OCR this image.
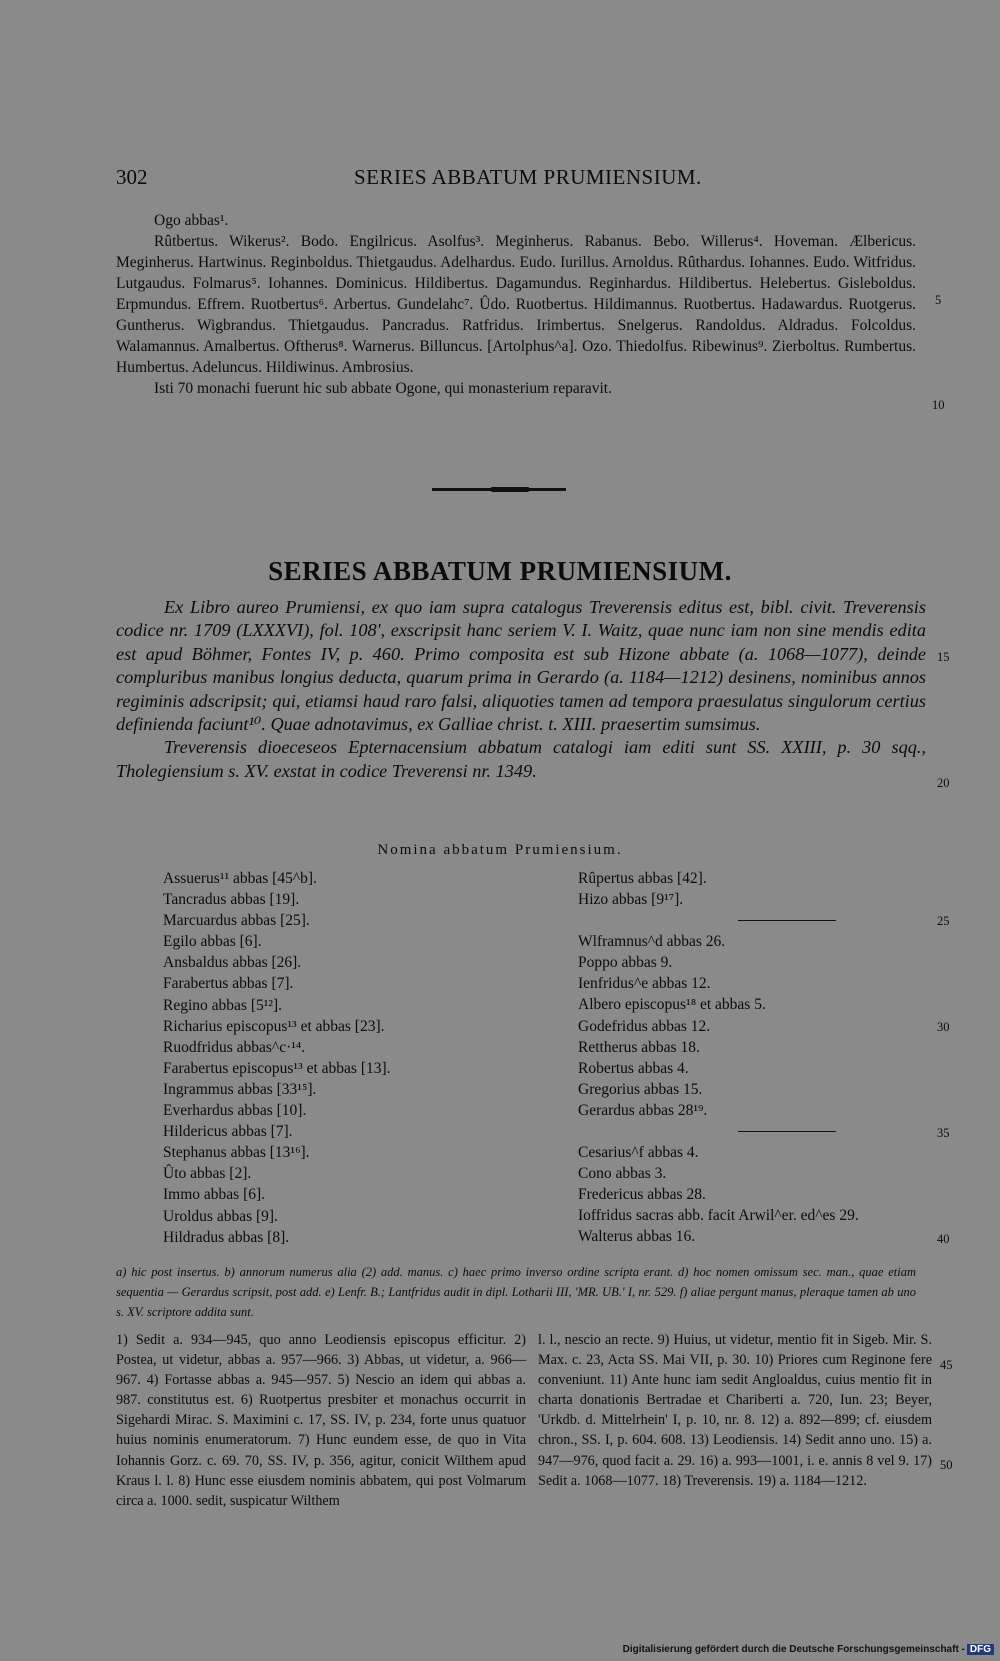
302	SERIES ABBATUM PRUMIENSIUM.

Ogo abbas¹.

Rûtbertus. Wikerus². Bodo. Engilricus. Asolfus³. Meginherus. Rabanus. Bebo. Willerus⁴. Hoveman. Ælbericus. Meginherus. Hartwinus. Reginboldus. Thietgaudus. Adelhardus. Eudo. Iurillus. Arnoldus. Rûthardus. Iohannes. Eudo. Witfridus. Lutgaudus. Folmarus⁵. Iohannes. Dominicus. Hildibertus. Dagamundus. Reginhardus. Hildibertus. Helebertus. Gisleboldus. Erpmundus. Effrem. Ruotbertus⁶. Arbertus. Gundelahc⁷. Ûdo. Ruotbertus. Hildimannus. Ruotbertus. Hadawardus. Ruotgerus. Guntherus. Wigbrandus. Thietgaudus. Pancradus. Ratfridus. Irimbertus. Snelgerus. Randoldus. Aldradus. Folcoldus. Walamannus. Amalbertus. Oftherus⁸. Warnerus. Billuncus. [Artolphus^a]. Ozo. Thiedolfus. Ribewinus⁹. Zierboltus. Rumbertus. Humbertus. Adeluncus. Hildiwinus. Ambrosius.

Isti 70 monachi fuerunt hic sub abbate Ogone, qui monasterium reparavit.

5
10
SERIES ABBATUM PRUMIENSIUM.

Ex Libro aureo Prumiensi, ex quo iam supra catalogus Treverensis editus est, bibl. civit. Treverensis codice nr. 1709 (LXXXVI), fol. 108', exscripsit hanc seriem V. I. Waitz, quae nunc iam non sine mendis edita est apud Böhmer, Fontes IV, p. 460. Primo composita est sub Hizone abbate (a. 1068—1077), deinde compluribus manibus longius deducta, quarum prima in Gerardo (a. 1184—1212) desinens, nominibus annos regiminis adscripsit; qui, etiamsi haud raro falsi, aliquoties tamen ad tempora praesulatus singulorum certius definienda faciunt¹⁰. Quae adnotavimus, ex Galliae christ. t. XIII. praesertim sumsimus.

Treverensis dioeceseos Epternacensium abbatum catalogi iam editi sunt SS. XXIII, p. 30 sqq., Tholegiensium s. XV. exstat in codice Treverensi nr. 1349.

15
20
Nomina abbatum Prumiensium.
Assuerus¹¹ abbas [45^b].
Tancradus abbas [19].
Marcuardus abbas [25].
Egilo abbas [6].
Ansbaldus abbas [26].
Farabertus abbas [7].
Regino abbas [5¹²].
Richarius episcopus¹³ et abbas [23].
Ruodfridus abbas^c·¹⁴.
Farabertus episcopus¹³ et abbas [13].
Ingrammus abbas [33¹⁵].
Everhardus abbas [10].
Hildericus abbas [7].
Stephanus abbas [13¹⁶].
Ûto abbas [2].
Immo abbas [6].
Uroldus abbas [9].
Hildradus abbas [8].
Rûpertus abbas [42].
Hizo abbas [9¹⁷].
Wlframnus^d abbas 26.
Poppo abbas 9.
Ienfridus^e abbas 12.
Albero episcopus¹⁸ et abbas 5.
Godefridus abbas 12.
Rettherus abbas 18.
Robertus abbas 4.
Gregorius abbas 15.
Gerardus abbas 28¹⁹.
Cesarius^f abbas 4.
Cono abbas 3.
Fredericus abbas 28.
Ioffridus sacras abb. facit Arwil^er. ed^es 29.
Walterus abbas 16.
25
30
35
40
a) hic post insertus. b) annorum numerus alia (2) add. manus. c) haec primo inverso ordine scripta erant. d) hoc nomen omissum sec. man., quae etiam sequentia — Gerardus scripsit, post add. e) Lenfr. B.; Lantfridus audit in dipl. Lotharii III, 'MR. UB.' I, nr. 529. f) aliae pergunt manus, pleraque tamen ab uno s. XV. scriptore addita sunt.
1) Sedit a. 934—945, quo anno Leodiensis episcopus efficitur. 2) Postea, ut videtur, abbas a. 957—966. 3) Abbas, ut videtur, a. 966—967. 4) Fortasse abbas a. 945—957. 5) Nescio an idem qui abbas a. 987. constitutus est. 6) Ruotpertus presbiter et monachus occurrit in Sigehardi Mirac. S. Maximini c. 17, SS. IV, p. 234, forte unus quatuor huius nominis enumeratorum. 7) Hunc eundem esse, de quo in Vita Iohannis Gorz. c. 69. 70, SS. IV, p. 356, agitur, conicit Wilthem apud Kraus l. l. 8) Hunc esse eiusdem nominis abbatem, qui post Volmarum circa a. 1000. sedit, suspicatur Wilthem
l. l., nescio an recte. 9) Huius, ut videtur, mentio fit in Sigeb. Mir. S. Max. c. 23, Acta SS. Mai VII, p. 30. 10) Priores cum Reginone fere conveniunt. 11) Ante hunc iam sedit Angloaldus, cuius mentio fit in charta donationis Bertradae et Chariberti a. 720, Iun. 23; Beyer, 'Urkdb. d. Mittelrhein' I, p. 10, nr. 8. 12) a. 892—899; cf. eiusdem chron., SS. I, p. 604. 608. 13) Leodiensis. 14) Sedit anno uno. 15) a. 947—976, quod facit a. 29. 16) a. 993—1001, i. e. annis 8 vel 9. 17) Sedit a. 1068—1077. 18) Treverensis. 19) a. 1184—1212.
45
50
Digitalisierung gefördert durch die Deutsche Forschungsgemeinschaft - DFG
